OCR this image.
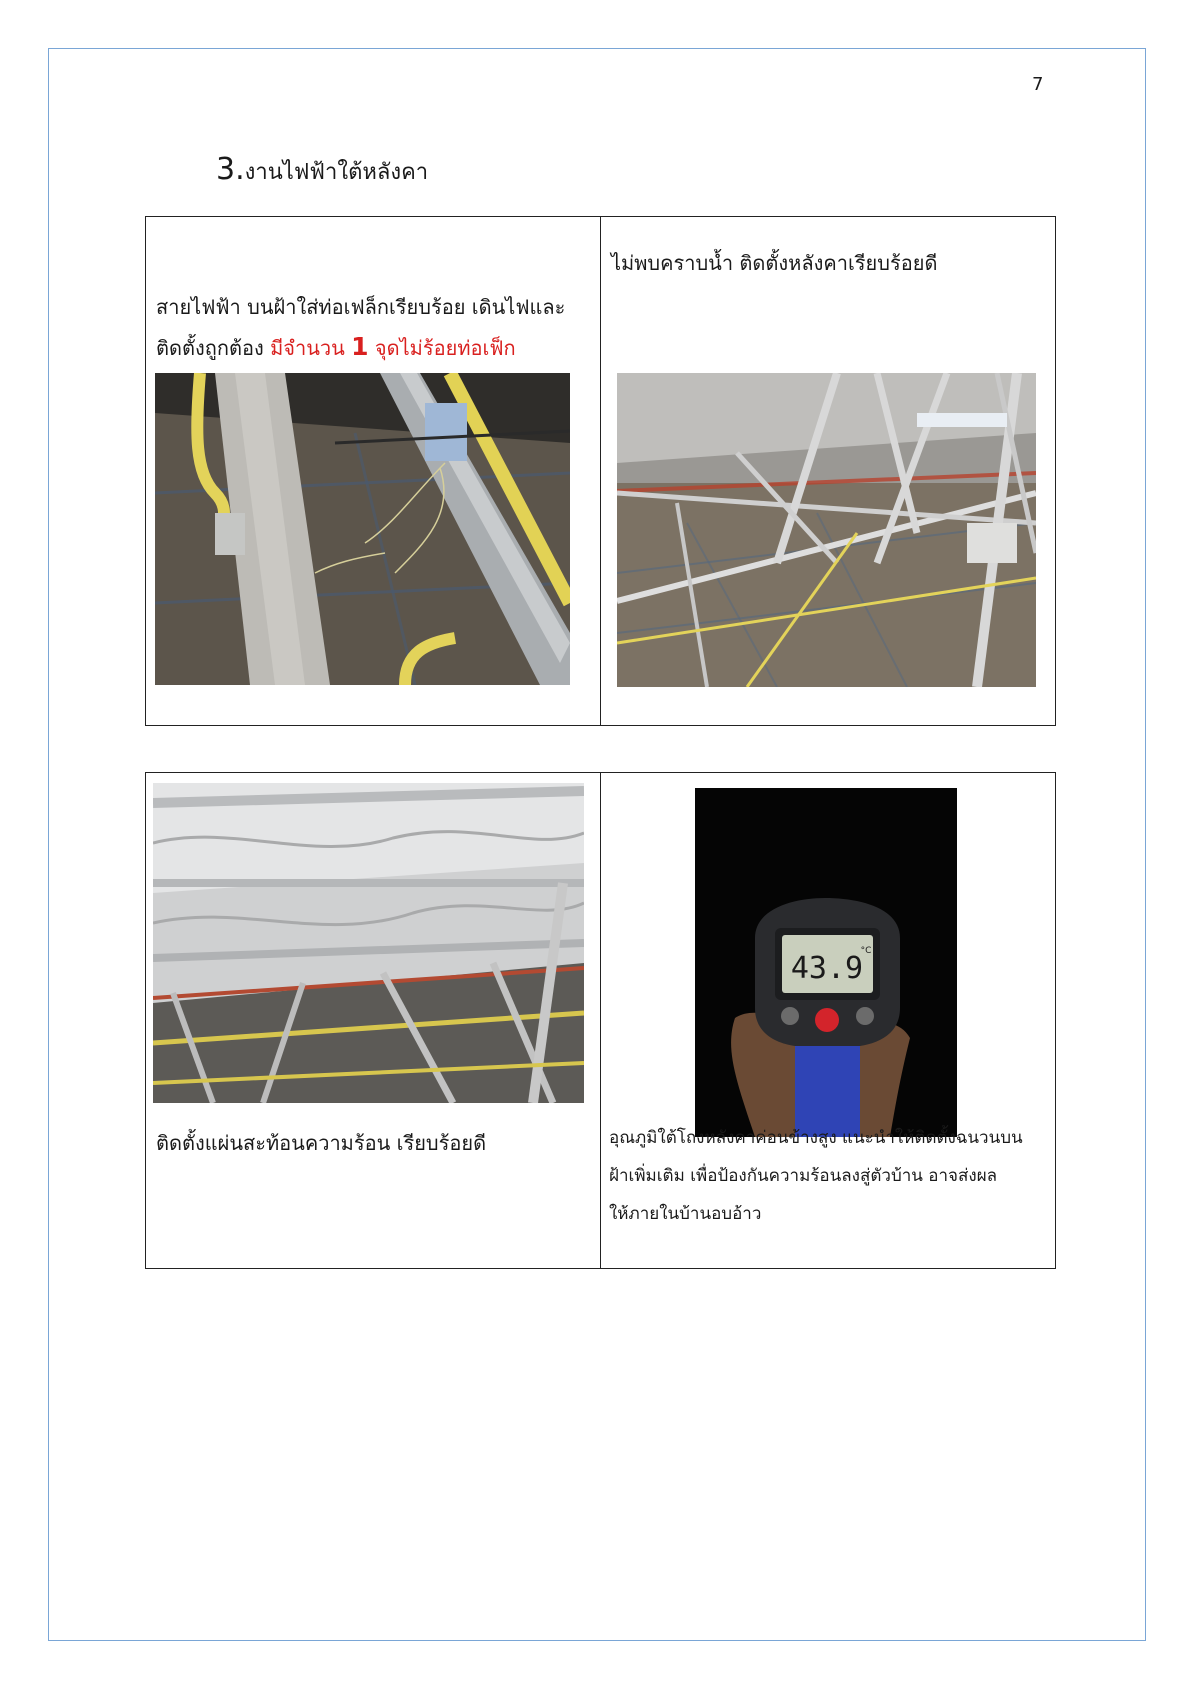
7
3.งานไฟฟ้าใต้หลังคา
สายไฟฟ้า บนฝ้าใส่ท่อเฟล็กเรียบร้อย เดินไฟและ
ติดตั้งถูกต้อง มีจำนวน 1 จุดไม่ร้อยท่อเฟ็ก

ไม่พบคราบน้ำ ติดตั้งหลังคาเรียบร้อยดี
ติดตั้งแผ่นสะท้อนความร้อน เรียบร้อยดี

43.9
°C
อุณภูมิใต้โถงหลังคาค่อนข้างสูง แนะนำให้ติดตั้งฉนวนบน
ฝ้าเพิ่มเติม เพื่อป้องกันความร้อนลงสู่ตัวบ้าน อาจส่งผล
ให้ภายในบ้านอบอ้าว
